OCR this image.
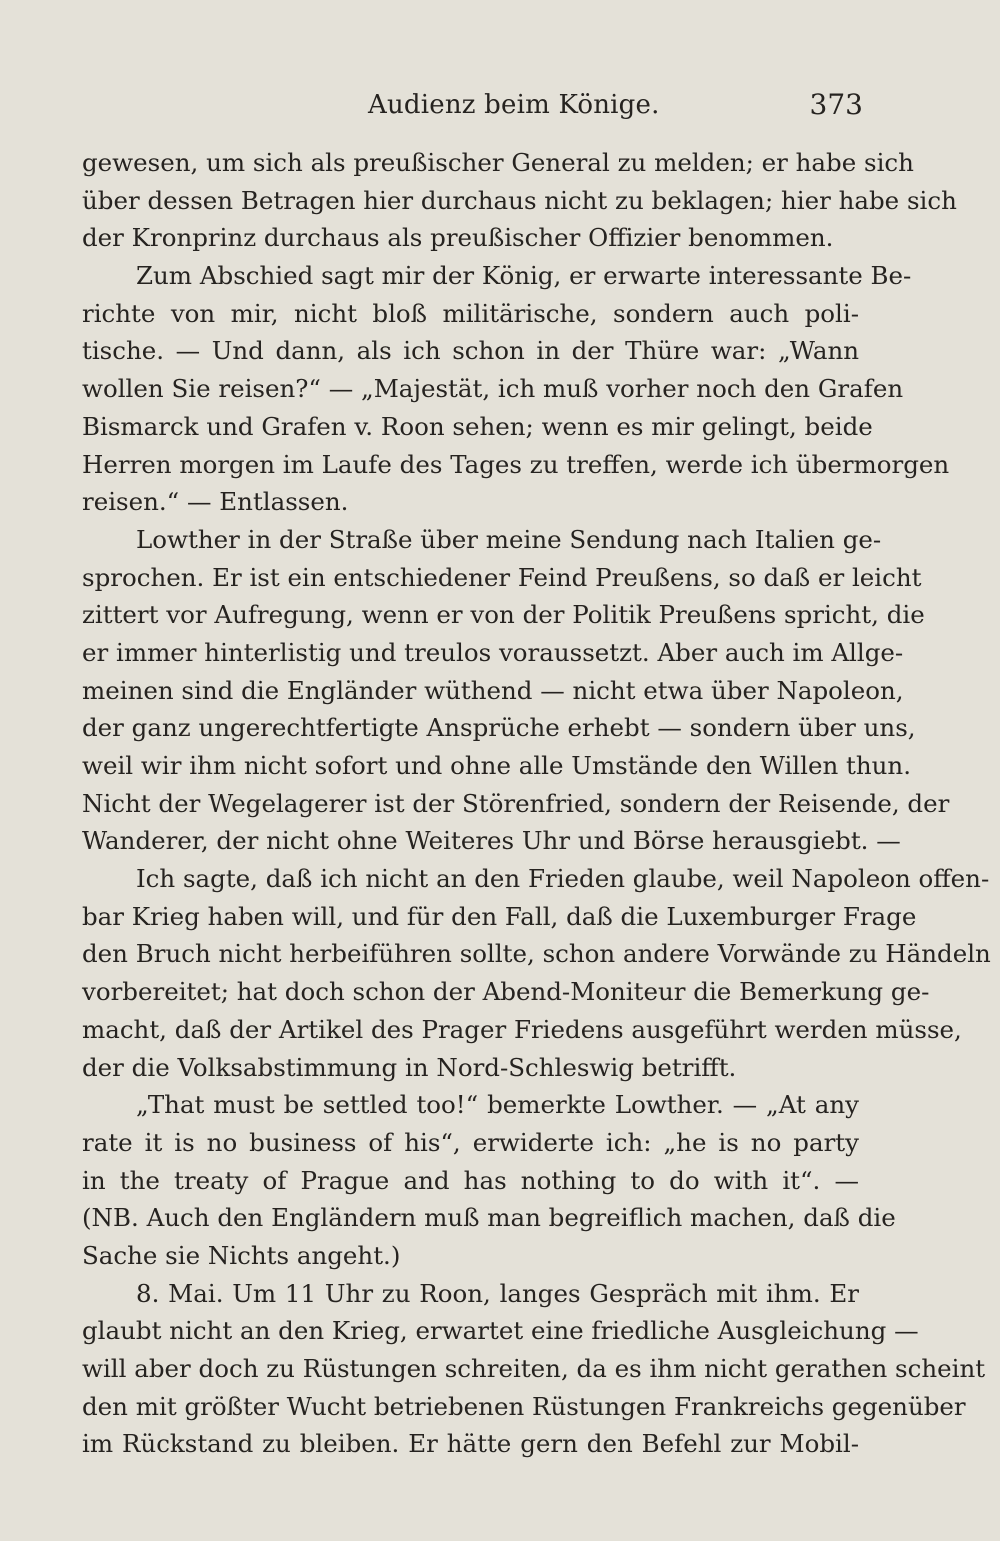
Audienz beim Könige.	373
gewesen, um sich als preußischer General zu melden; er habe sich
über dessen Betragen hier durchaus nicht zu beklagen; hier habe sich
der Kronprinz durchaus als preußischer Offizier benommen.
Zum Abschied sagt mir der König, er erwarte interessante Be-
richte von mir, nicht bloß militärische, sondern auch poli-
tische. — Und dann, als ich schon in der Thüre war: „Wann
wollen Sie reisen?“ — „Majestät, ich muß vorher noch den Grafen
Bismarck und Grafen v. Roon sehen; wenn es mir gelingt, beide
Herren morgen im Laufe des Tages zu treffen, werde ich übermorgen
reisen.“ — Entlassen.
Lowther in der Straße über meine Sendung nach Italien ge-
sprochen. Er ist ein entschiedener Feind Preußens, so daß er leicht
zittert vor Aufregung, wenn er von der Politik Preußens spricht, die
er immer hinterlistig und treulos voraussetzt. Aber auch im Allge-
meinen sind die Engländer wüthend — nicht etwa über Napoleon,
der ganz ungerechtfertigte Ansprüche erhebt — sondern über uns,
weil wir ihm nicht sofort und ohne alle Umstände den Willen thun.
Nicht der Wegelagerer ist der Störenfried, sondern der Reisende, der
Wanderer, der nicht ohne Weiteres Uhr und Börse herausgiebt. —
Ich sagte, daß ich nicht an den Frieden glaube, weil Napoleon offen-
bar Krieg haben will, und für den Fall, daß die Luxemburger Frage
den Bruch nicht herbeiführen sollte, schon andere Vorwände zu Händeln
vorbereitet; hat doch schon der Abend-Moniteur die Bemerkung ge-
macht, daß der Artikel des Prager Friedens ausgeführt werden müsse,
der die Volksabstimmung in Nord-Schleswig betrifft.
„That must be settled too!“ bemerkte Lowther. — „At any
rate it is no business of his“, erwiderte ich: „he is no party
in the treaty of Prague and has nothing to do with it“. —
(NB. Auch den Engländern muß man begreiflich machen, daß die
Sache sie Nichts angeht.)
8. Mai. Um 11 Uhr zu Roon, langes Gespräch mit ihm. Er
glaubt nicht an den Krieg, erwartet eine friedliche Ausgleichung —
will aber doch zu Rüstungen schreiten, da es ihm nicht gerathen scheint
den mit größter Wucht betriebenen Rüstungen Frankreichs gegenüber
im Rückstand zu bleiben. Er hätte gern den Befehl zur Mobil-
